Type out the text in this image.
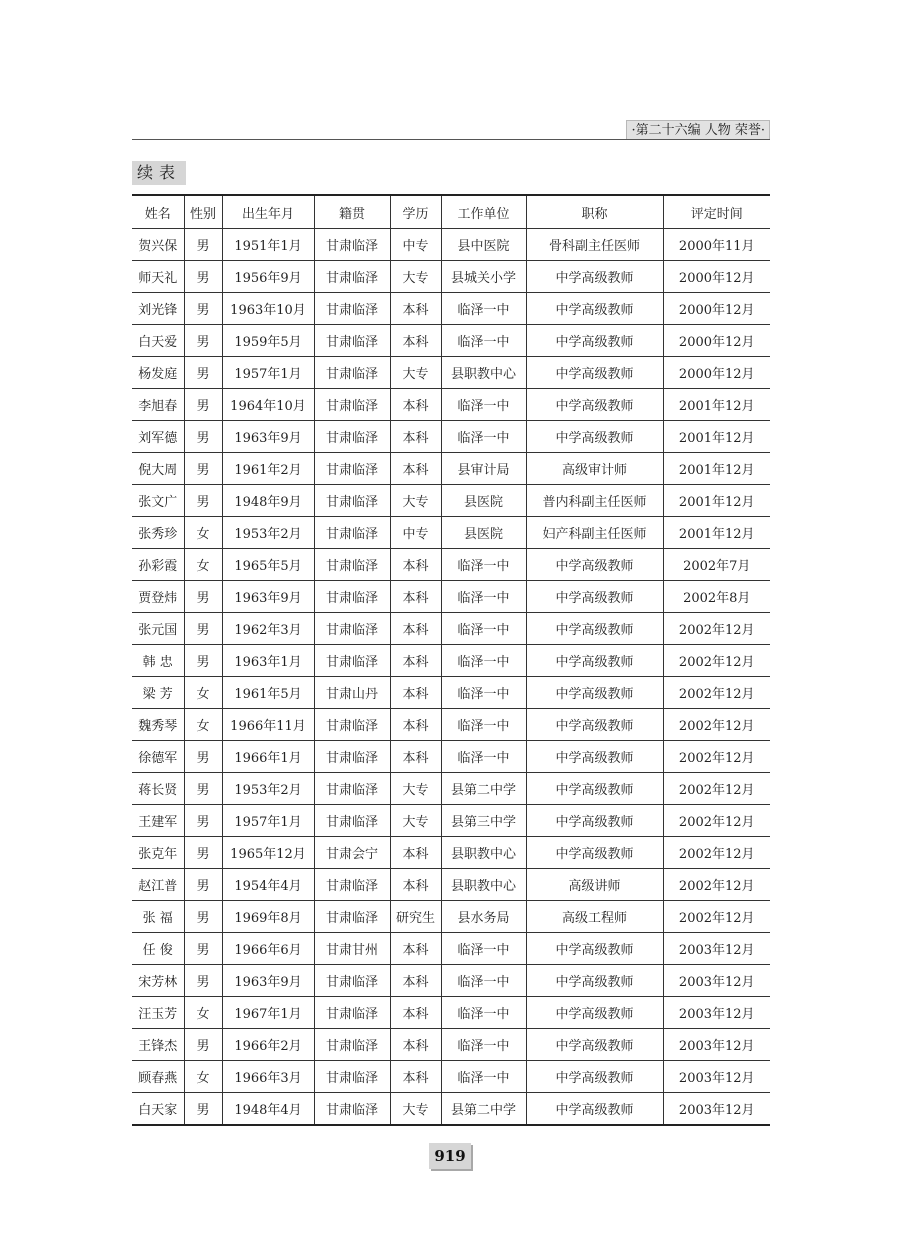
·第二十六编 人物 荣誉·
续表
姓名	性别	出生年月	籍贯	学历	工作单位	职称	评定时间
贺兴保	男	1951年1月	甘肃临泽	中专	县中医院	骨科副主任医师	2000年11月
师天礼	男	1956年9月	甘肃临泽	大专	县城关小学	中学高级教师	2000年12月
刘光锋	男	1963年10月	甘肃临泽	本科	临泽一中	中学高级教师	2000年12月
白天爱	男	1959年5月	甘肃临泽	本科	临泽一中	中学高级教师	2000年12月
杨发庭	男	1957年1月	甘肃临泽	大专	县职教中心	中学高级教师	2000年12月
李旭春	男	1964年10月	甘肃临泽	本科	临泽一中	中学高级教师	2001年12月
刘军德	男	1963年9月	甘肃临泽	本科	临泽一中	中学高级教师	2001年12月
倪大周	男	1961年2月	甘肃临泽	本科	县审计局	高级审计师	2001年12月
张文广	男	1948年9月	甘肃临泽	大专	县医院	普内科副主任医师	2001年12月
张秀珍	女	1953年2月	甘肃临泽	中专	县医院	妇产科副主任医师	2001年12月
孙彩霞	女	1965年5月	甘肃临泽	本科	临泽一中	中学高级教师	2002年7月
贾登炜	男	1963年9月	甘肃临泽	本科	临泽一中	中学高级教师	2002年8月
张元国	男	1962年3月	甘肃临泽	本科	临泽一中	中学高级教师	2002年12月
韩 忠	男	1963年1月	甘肃临泽	本科	临泽一中	中学高级教师	2002年12月
梁 芳	女	1961年5月	甘肃山丹	本科	临泽一中	中学高级教师	2002年12月
魏秀琴	女	1966年11月	甘肃临泽	本科	临泽一中	中学高级教师	2002年12月
徐德军	男	1966年1月	甘肃临泽	本科	临泽一中	中学高级教师	2002年12月
蒋长贤	男	1953年2月	甘肃临泽	大专	县第二中学	中学高级教师	2002年12月
王建军	男	1957年1月	甘肃临泽	大专	县第三中学	中学高级教师	2002年12月
张克年	男	1965年12月	甘肃会宁	本科	县职教中心	中学高级教师	2002年12月
赵江普	男	1954年4月	甘肃临泽	本科	县职教中心	高级讲师	2002年12月
张 福	男	1969年8月	甘肃临泽	研究生	县水务局	高级工程师	2002年12月
任 俊	男	1966年6月	甘肃甘州	本科	临泽一中	中学高级教师	2003年12月
宋芳林	男	1963年9月	甘肃临泽	本科	临泽一中	中学高级教师	2003年12月
汪玉芳	女	1967年1月	甘肃临泽	本科	临泽一中	中学高级教师	2003年12月
王锋杰	男	1966年2月	甘肃临泽	本科	临泽一中	中学高级教师	2003年12月
顾春燕	女	1966年3月	甘肃临泽	本科	临泽一中	中学高级教师	2003年12月
白天家	男	1948年4月	甘肃临泽	大专	县第二中学	中学高级教师	2003年12月
919
